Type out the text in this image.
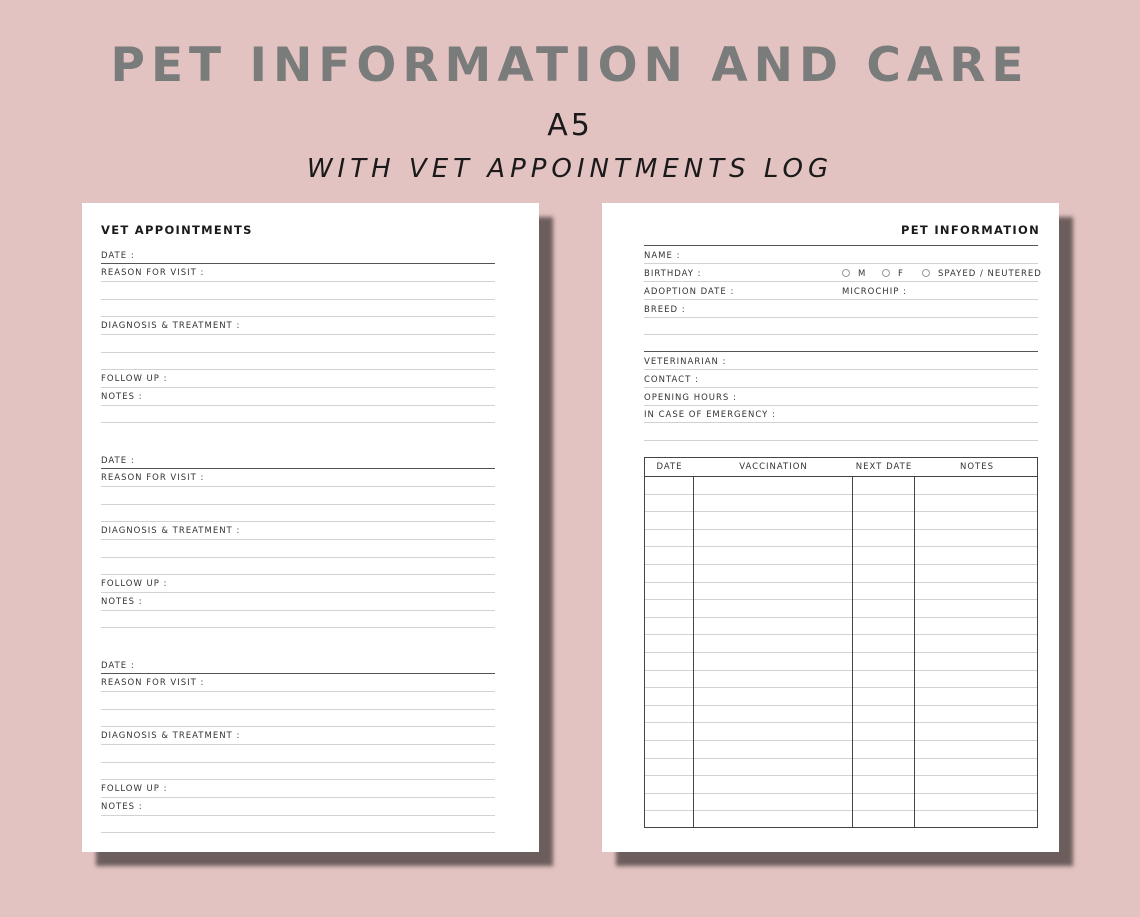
PET INFORMATION AND CARE
A5
WITH VET APPOINTMENTS LOG
VET APPOINTMENTS
DATE :
REASON FOR VISIT :
DIAGNOSIS & TREATMENT :
FOLLOW UP :
NOTES :
DATE :
REASON FOR VISIT :
DIAGNOSIS & TREATMENT :
FOLLOW UP :
NOTES :
DATE :
REASON FOR VISIT :
DIAGNOSIS & TREATMENT :
FOLLOW UP :
NOTES :
PET INFORMATION
NAME :
BIRTHDAY :	M	F	SPAYED / NEUTERED
ADOPTION DATE :	MICROCHIP :
BREED :
VETERINARIAN :
CONTACT :
OPENING HOURS :
IN CASE OF EMERGENCY :
DATE	VACCINATION	NEXT DATE	NOTES
